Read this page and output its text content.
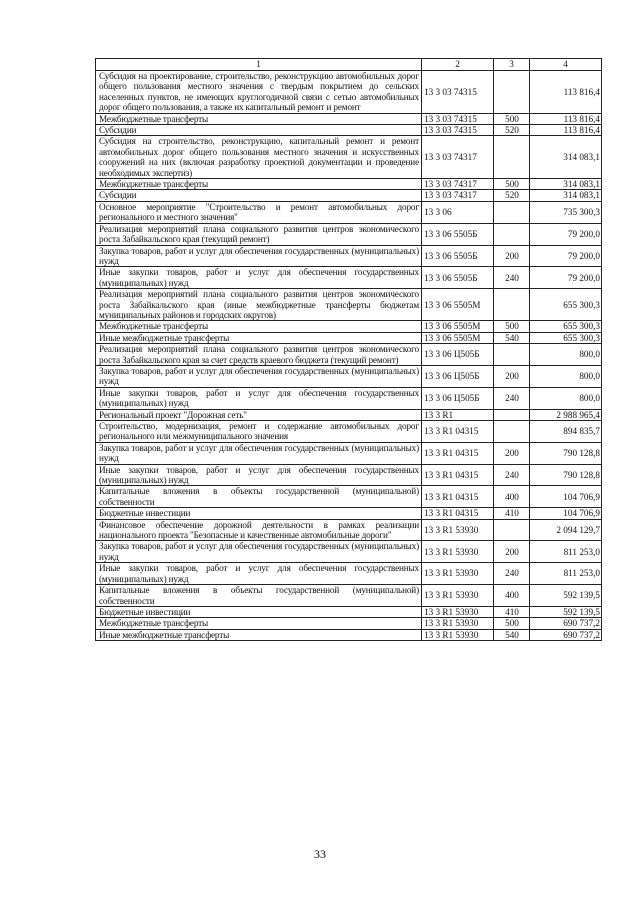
1	2	3	4
Субсидия на проектирование, строительство, реконструкцию автомобильных дорог общего пользования местного значения с твердым покрытием до сельских населенных пунктов, не имеющих круглогодичной связи с сетью автомобильных дорог общего пользования, а также их капитальный ремонт и ремонт	13 3 03 74315		113 816,4
Межбюджетные трансферты	13 3 03 74315	500	113 816,4
Субсидии	13 3 03 74315	520	113 816,4
Субсидия на строительство, реконструкцию, капитальный ремонт и ремонт автомобильных дорог общего пользования местного значения и искусственных сооружений на них (включая разработку проектной документации и проведение необходимых экспертиз)	13 3 03 74317		314 083,1
Межбюджетные трансферты	13 3 03 74317	500	314 083,1
Субсидии	13 3 03 74317	520	314 083,1
Основное мероприятие "Строительство и ремонт автомобильных дорог регионального и местного значения"	13 3 06		735 300,3
Реализация мероприятий плана социального развития центров экономического роста Забайкальского края (текущий ремонт)	13 3 06 5505Б		79 200,0
Закупка товаров, работ и услуг для обеспечения государственных (муниципальных) нужд	13 3 06 5505Б	200	79 200,0
Иные закупки товаров, работ и услуг для обеспечения государственных (муниципальных) нужд	13 3 06 5505Б	240	79 200,0
Реализация мероприятий плана социального развития центров экономического роста Забайкальского края (иные межбюджетные трансферты бюджетам муниципальных районов и городских округов)	13 3 06 5505М		655 300,3
Межбюджетные трансферты	13 3 06 5505М	500	655 300,3
Иные межбюджетные трансферты	13 3 06 5505М	540	655 300,3
Реализация мероприятий плана социального развития центров экономического роста Забайкальского края за счет средств краевого бюджета (текущий ремонт)	13 3 06 Ц505Б		800,0
Закупка товаров, работ и услуг для обеспечения государственных (муниципальных) нужд	13 3 06 Ц505Б	200	800,0
Иные закупки товаров, работ и услуг для обеспечения государственных (муниципальных) нужд	13 3 06 Ц505Б	240	800,0
Региональный проект "Дорожная сеть"	13 3 R1		2 988 965,4
Строительство, модернизация, ремонт и содержание автомобильных дорог регионального или межмуниципального значения	13 3 R1 04315		894 835,7
Закупка товаров, работ и услуг для обеспечения государственных (муниципальных) нужд	13 3 R1 04315	200	790 128,8
Иные закупки товаров, работ и услуг для обеспечения государственных (муниципальных) нужд	13 3 R1 04315	240	790 128,8
Капитальные вложения в объекты государственной (муниципальной) собственности	13 3 R1 04315	400	104 706,9
Бюджетные инвестиции	13 3 R1 04315	410	104 706,9
Финансовое обеспечение дорожной деятельности в рамках реализации национального проекта "Безопасные и качественные автомобильные дороги"	13 3 R1 53930		2 094 129,7
Закупка товаров, работ и услуг для обеспечения государственных (муниципальных) нужд	13 3 R1 53930	200	811 253,0
Иные закупки товаров, работ и услуг для обеспечения государственных (муниципальных) нужд	13 3 R1 53930	240	811 253,0
Капитальные вложения в объекты государственной (муниципальной) собственности	13 3 R1 53930	400	592 139,5
Бюджетные инвестиции	13 3 R1 53930	410	592 139,5
Межбюджетные трансферты	13 3 R1 53930	500	690 737,2
Иные межбюджетные трансферты	13 3 R1 53930	540	690 737,2
33
